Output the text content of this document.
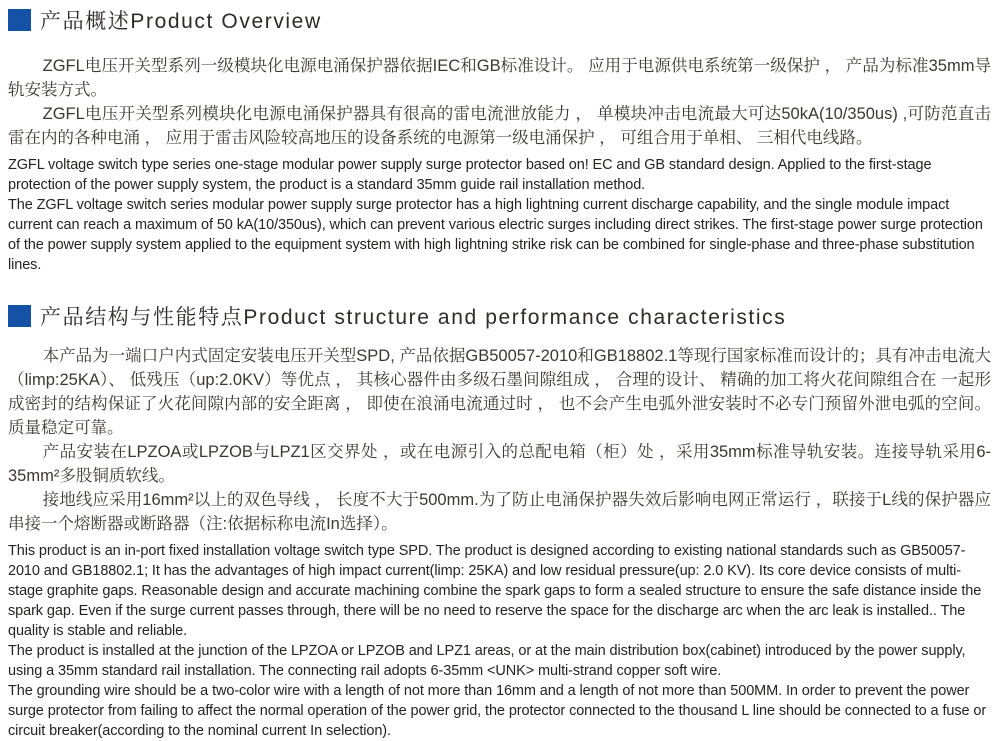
产品概述Product Overview

ZGFL电压开关型系列一级模块化电源电涌保护器依据IEC和GB标准设计。 应用于电源供电系统第一级保护 ， 产品为标准35mm导轨安装方式。

ZGFL电压开关型系列模块化电源电涌保护器具有很高的雷电流泄放能力 ， 单模块冲击电流最大可达50kA(10/350us) ,可防范直击雷在内的各种电涌 ， 应用于雷击风险较高地压的设备系统的电源第一级电涌保护 ， 可组合用于单相、 三相代电线路。

ZGFL voltage switch type series one-stage modular power supply surge protector based on! EC and GB standard design. Applied to the first-stage protection of the power supply system, the product is a standard 35mm guide rail installation method.

The ZGFL voltage switch series modular power supply surge protector has a high lightning current discharge capability, and the single module impact current can reach a maximum of 50 kA(10/350us), which can prevent various electric surges including direct strikes. The first-stage power surge protection of the power supply system applied to the equipment system with high lightning strike risk can be combined for single-phase and three-phase substitution lines.

产品结构与性能特点Product structure and performance characteristics

本产品为一端口户内式固定安装电压开关型SPD, 产品依据GB50057-2010和GB18802.1等现行国家标准而设计的；具有冲击电流大（limp:25KA）、 低残压（up:2.0KV）等优点 ， 其核心器件由多级石墨间隙组成 ， 合理的设计、 精确的加工将火花间隙组合在 一起形成密封的结构保证了火花间隙内部的安全距离 ， 即使在浪涌电流通过时 ， 也不会产生电弧外泄安装时不必专门预留外泄电弧的空间。 质量稳定可靠。

产品安装在LPZOA或LPZOB与LPZ1区交界处 ，或在电源引入的总配电箱（柜）处 ，采用35mm标准导轨安装。连接导轨采用6-35mm²多股铜质软线。

接地线应采用16mm²以上的双色导线 ， 长度不大于500mm.为了防止电涌保护器失效后影响电网正常运行 ，联接于L线的保护器应串接一个熔断器或断路器（注:依据标称电流In选择）。

This product is an in-port fixed installation voltage switch type SPD. The product is designed according to existing national standards such as GB50057-2010 and GB18802.1; It has the advantages of high impact current(limp: 25KA) and low residual pressure(up: 2.0 KV). Its core device consists of multi-stage graphite gaps. Reasonable design and accurate machining combine the spark gaps to form a sealed structure to ensure the safe distance inside the spark gap. Even if the surge current passes through, there will be no need to reserve the space for the discharge arc when the arc leak is installed.. The quality is stable and reliable.

The product is installed at the junction of the LPZOA or LPZOB and LPZ1 areas, or at the main distribution box(cabinet) introduced by the power supply, using a 35mm standard rail installation. The connecting rail adopts 6-35mm <UNK> multi-strand copper soft wire.

The grounding wire should be a two-color wire with a length of not more than 16mm and a length of not more than 500MM. In order to prevent the power surge protector from failing to affect the normal operation of the power grid, the protector connected to the thousand L line should be connected to a fuse or circuit breaker(according to the nominal current In selection).
